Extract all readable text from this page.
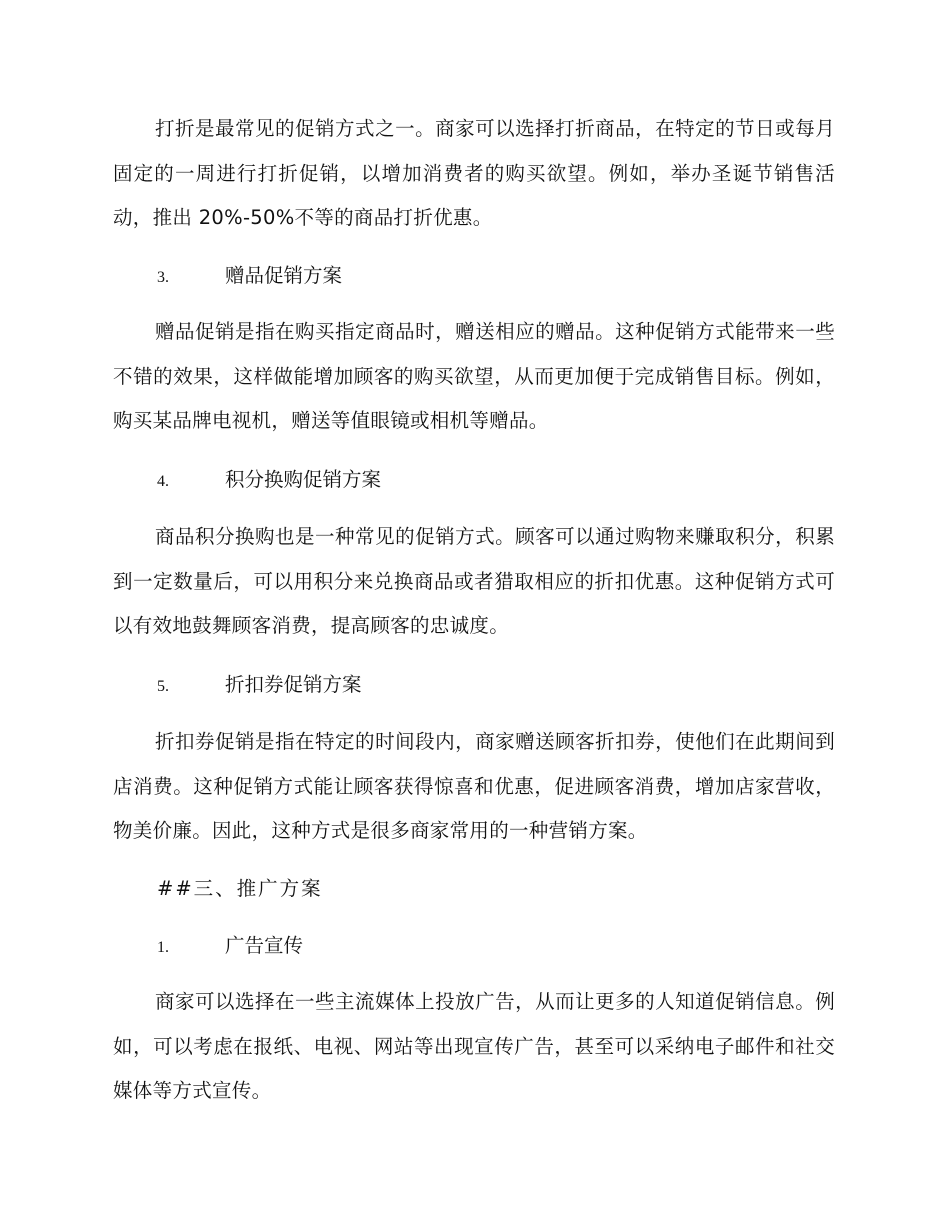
打折是最常见的促销方式之一。商家可以选择打折商品，在特定的节日或每月固定的一周进行打折促销，以增加消费者的购买欲望。例如，举办圣诞节销售活动，推出 20%-50%不等的商品打折优惠。

3.	赠品促销方案

赠品促销是指在购买指定商品时，赠送相应的赠品。这种促销方式能带来一些不错的效果，这样做能增加顾客的购买欲望，从而更加便于完成销售目标。例如，购买某品牌电视机，赠送等值眼镜或相机等赠品。

4.	积分换购促销方案

商品积分换购也是一种常见的促销方式。顾客可以通过购物来赚取积分，积累到一定数量后，可以用积分来兑换商品或者猎取相应的折扣优惠。这种促销方式可以有效地鼓舞顾客消费，提高顾客的忠诚度。

5.	折扣券促销方案

折扣券促销是指在特定的时间段内，商家赠送顾客折扣券，使他们在此期间到店消费。这种促销方式能让顾客获得惊喜和优惠，促进顾客消费，增加店家营收，物美价廉。因此，这种方式是很多商家常用的一种营销方案。

##三、推广方案
1.	广告宣传

商家可以选择在一些主流媒体上投放广告，从而让更多的人知道促销信息。例如，可以考虑在报纸、电视、网站等出现宣传广告，甚至可以采纳电子邮件和社交媒体等方式宣传。
